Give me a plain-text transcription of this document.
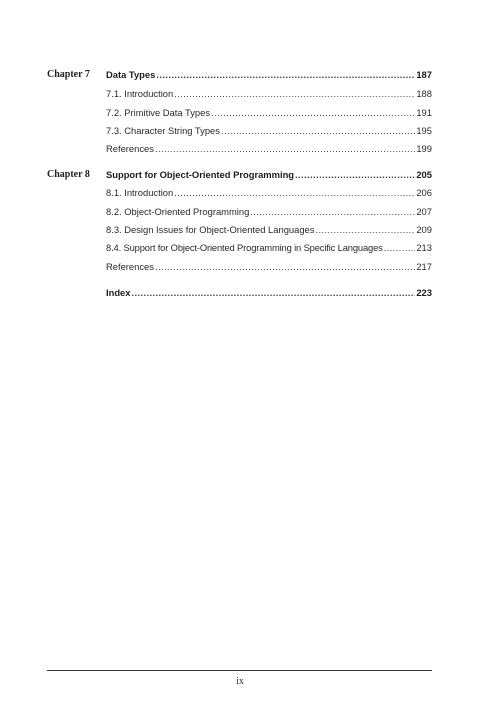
Chapter 7 Data Types .....	187
7.1. Introduction .....	188
7.2. Primitive Data Types .....	191
7.3. Character String Types .....	195
References .....	199
Chapter 8 Support for Object-Oriented Programming .....	205
8.1. Introduction .....	206
8.2. Object-Oriented Programming .....	207
8.3. Design Issues for Object-Oriented Languages .....	209
8.4. Support for Object-Oriented Programming in Specific Languages .....	213
References .....	217
Index .....	223
ix
